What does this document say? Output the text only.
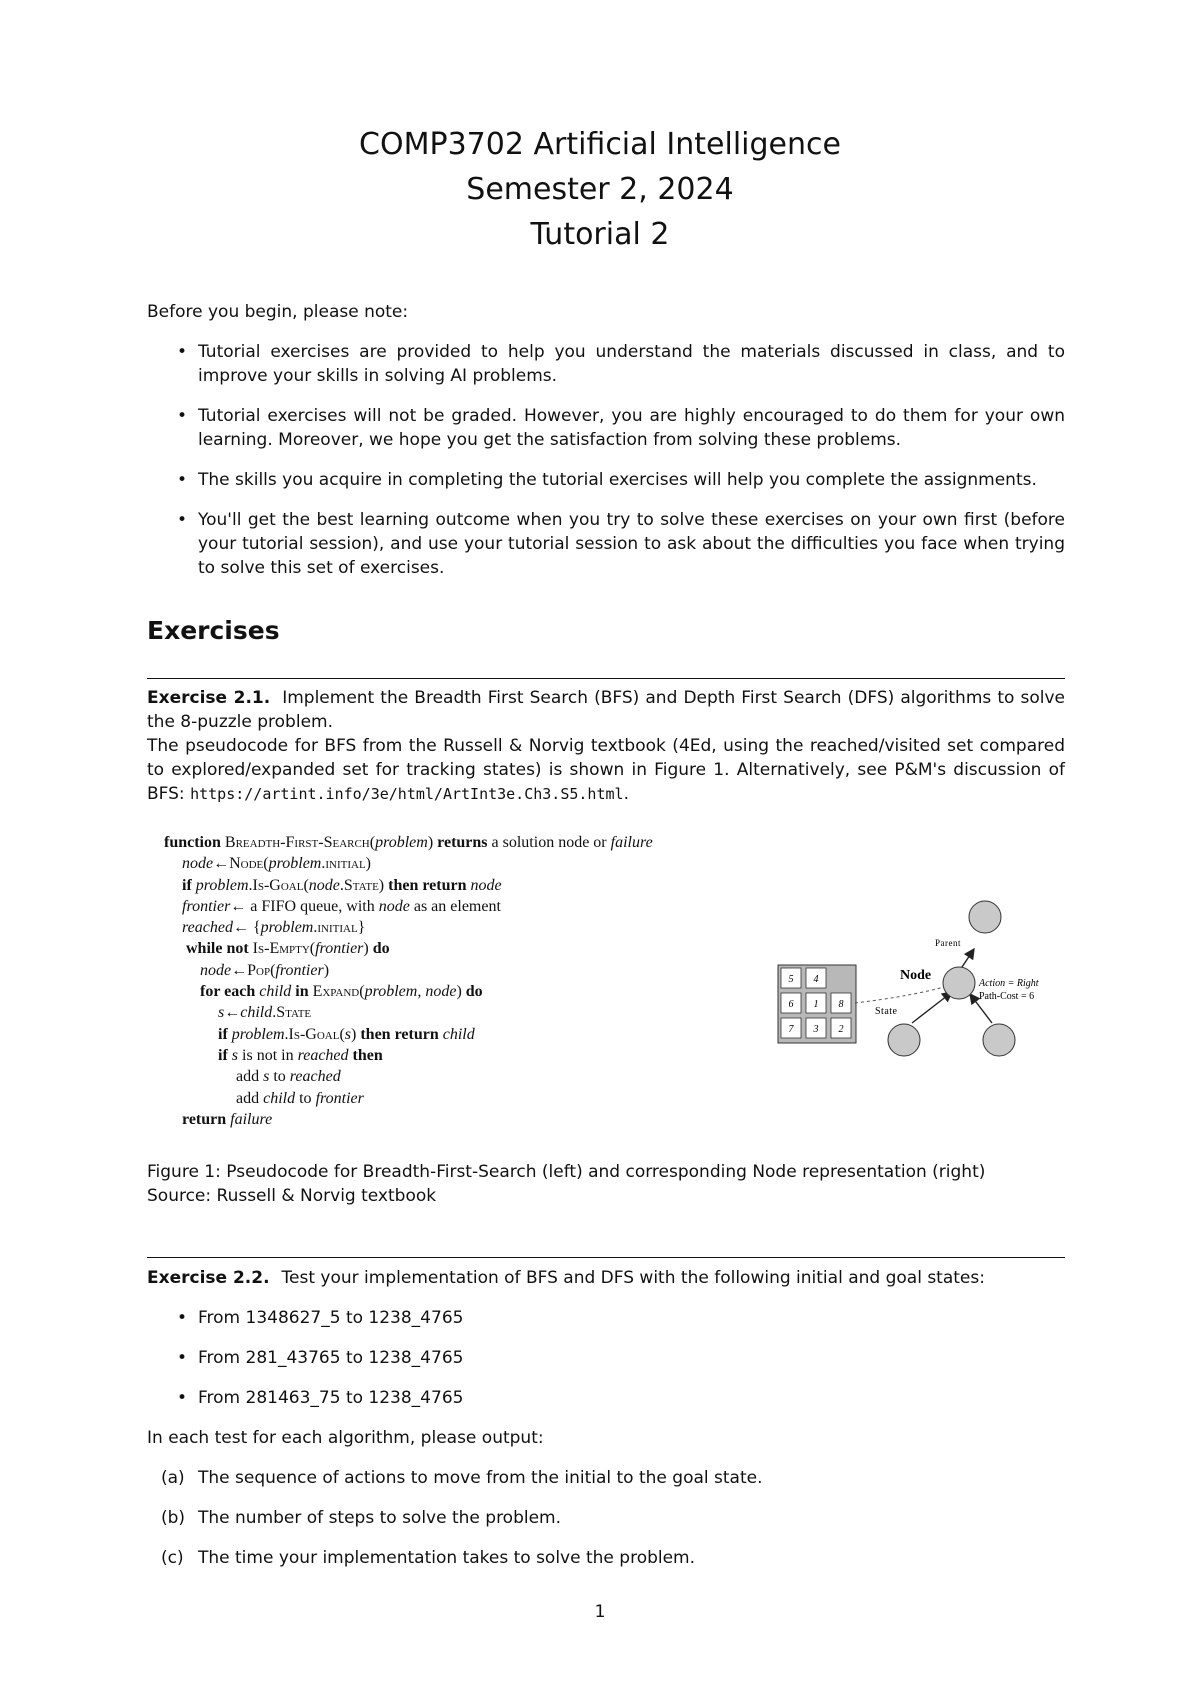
COMP3702 Artificial Intelligence
Semester 2, 2024
Tutorial 2
Before you begin, please note:
• Tutorial exercises are provided to help you understand the materials discussed in class, and to improve your skills in solving AI problems.
• Tutorial exercises will not be graded. However, you are highly encouraged to do them for your own learning. Moreover, we hope you get the satisfaction from solving these problems.
• The skills you acquire in completing the tutorial exercises will help you complete the assignments.
• You'll get the best learning outcome when you try to solve these exercises on your own first (before your tutorial session), and use your tutorial session to ask about the difficulties you face when trying to solve this set of exercises.
Exercises
Exercise 2.1. Implement the Breadth First Search (BFS) and Depth First Search (DFS) algorithms to solve the 8-puzzle problem.
The pseudocode for BFS from the Russell & Norvig textbook (4Ed, using the reached/visited set compared to explored/expanded set for tracking states) is shown in Figure 1. Alternatively, see P&M's discussion of BFS: https://artint.info/3e/html/ArtInt3e.Ch3.S5.html.
function Breadth-First-Search(problem) returns a solution node or failure
node←Node(problem.initial)
if problem.Is-Goal(node.State) then return node
frontier← a FIFO queue, with node as an element
reached← {problem.initial}
while not Is-Empty(frontier) do
node←Pop(frontier)
for each child in Expand(problem, node) do
s←child.State
if problem.Is-Goal(s) then return child
if s is not in reached then
add s to reached
add child to frontier
return failure
5 4
6 1 8
7 3 2
Parent
Node
Action = Right
Path-Cost = 6
State
Figure 1: Pseudocode for Breadth-First-Search (left) and corresponding Node representation (right)
Source: Russell & Norvig textbook
Exercise 2.2. Test your implementation of BFS and DFS with the following initial and goal states:
• From 1348627_5 to 1238_4765
• From 281_43765 to 1238_4765
• From 281463_75 to 1238_4765
In each test for each algorithm, please output:
(a) The sequence of actions to move from the initial to the goal state.
(b) The number of steps to solve the problem.
(c) The time your implementation takes to solve the problem.
1
